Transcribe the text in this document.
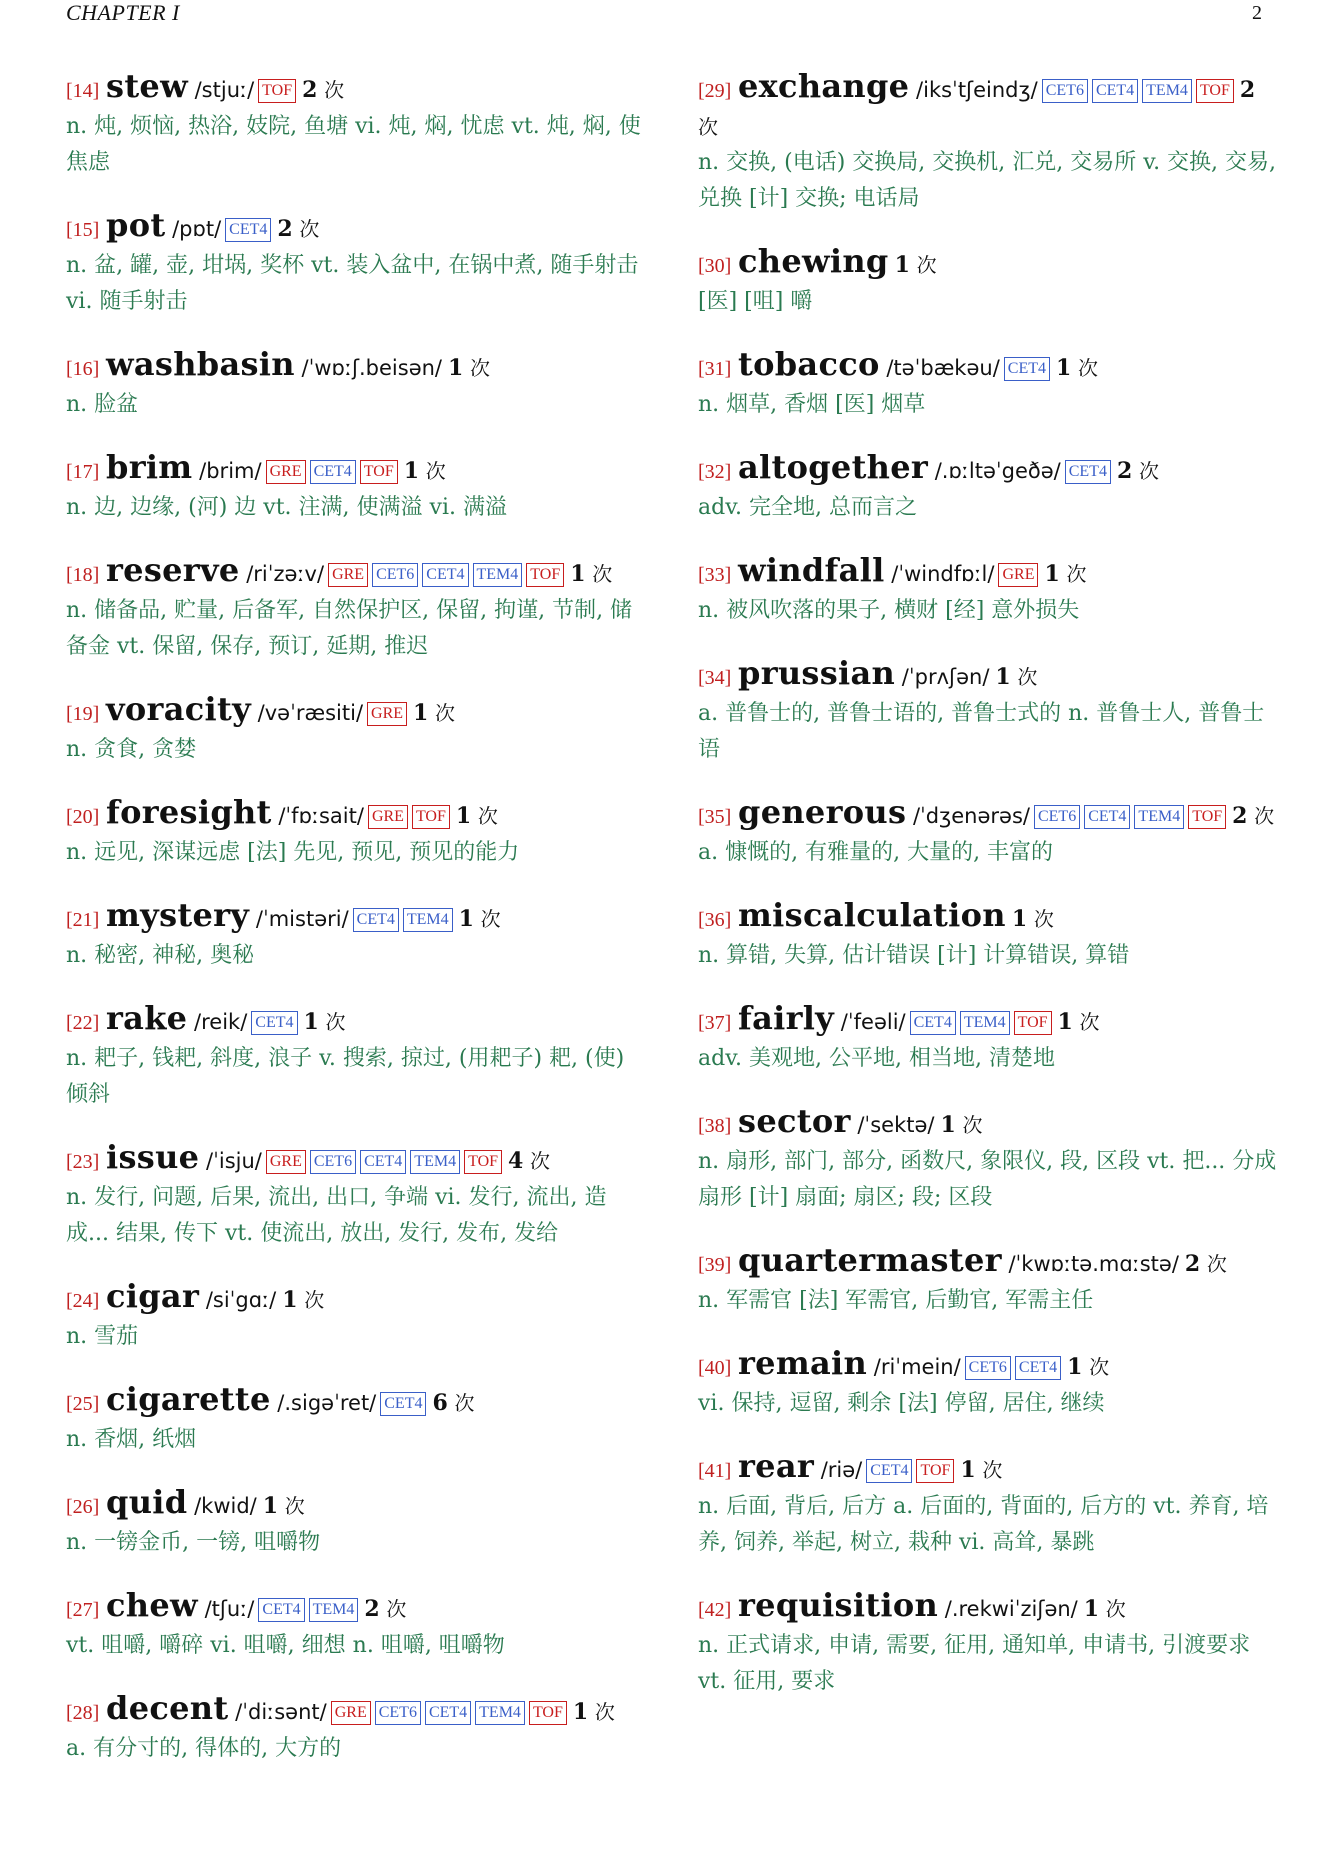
CHAPTER I	2
[14] stew /stjuː/ TOF 2 次
n. 炖, 烦恼, 热浴, 妓院, 鱼塘 vi. 炖, 焖, 忧虑 vt. 炖, 焖, 使焦虑
[15] pot /pɒt/ CET4 2 次
n. 盆, 罐, 壶, 坩埚, 奖杯 vt. 装入盆中, 在锅中煮, 随手射击 vi. 随手射击
[16] washbasin /ˈwɒːʃ.beisən/ 1 次
n. 脸盆
[17] brim /brim/ GRE CET4 TOF 1 次
n. 边, 边缘, (河) 边 vt. 注满, 使满溢 vi. 满溢
[18] reserve /riˈzəːv/ GRE CET6 CET4 TEM4 TOF 1 次
n. 储备品, 贮量, 后备军, 自然保护区, 保留, 拘谨, 节制, 储备金 vt. 保留, 保存, 预订, 延期, 推迟
[19] voracity /vəˈræsiti/ GRE 1 次
n. 贪食, 贪婪
[20] foresight /ˈfɒːsait/ GRE TOF 1 次
n. 远见, 深谋远虑 [法] 先见, 预见, 预见的能力
[21] mystery /ˈmistəri/ CET4 TEM4 1 次
n. 秘密, 神秘, 奥秘
[22] rake /reik/ CET4 1 次
n. 耙子, 钱耙, 斜度, 浪子 v. 搜索, 掠过, (用耙子) 耙, (使) 倾斜
[23] issue /ˈisju/ GRE CET6 CET4 TEM4 TOF 4 次
n. 发行, 问题, 后果, 流出, 出口, 争端 vi. 发行, 流出, 造成... 结果, 传下 vt. 使流出, 放出, 发行, 发布, 发给
[24] cigar /siˈgɑː/ 1 次
n. 雪茄
[25] cigarette /.sigəˈret/ CET4 6 次
n. 香烟, 纸烟
[26] quid /kwid/ 1 次
n. 一镑金币, 一镑, 咀嚼物
[27] chew /tʃuː/ CET4 TEM4 2 次
vt. 咀嚼, 嚼碎 vi. 咀嚼, 细想 n. 咀嚼, 咀嚼物
[28] decent /ˈdiːsənt/ GRE CET6 CET4 TEM4 TOF 1 次
a. 有分寸的, 得体的, 大方的
[29] exchange /iksˈtʃeindʒ/ CET6 CET4 TEM4 TOF 2 次
n. 交换, (电话) 交换局, 交换机, 汇兑, 交易所 v. 交换, 交易, 兑换 [计] 交换; 电话局
[30] chewing 1 次
[医] [咀] 嚼
[31] tobacco /təˈbækəu/ CET4 1 次
n. 烟草, 香烟 [医] 烟草
[32] altogether /.ɒːltəˈgeðə/ CET4 2 次
adv. 完全地, 总而言之
[33] windfall /ˈwindfɒːl/ GRE 1 次
n. 被风吹落的果子, 横财 [经] 意外损失
[34] prussian /ˈprʌʃən/ 1 次
a. 普鲁士的, 普鲁士语的, 普鲁士式的 n. 普鲁士人, 普鲁士语
[35] generous /ˈdʒenərəs/ CET6 CET4 TEM4 TOF 2 次
a. 慷慨的, 有雅量的, 大量的, 丰富的
[36] miscalculation 1 次
n. 算错, 失算, 估计错误 [计] 计算错误, 算错
[37] fairly /ˈfeəli/ CET4 TEM4 TOF 1 次
adv. 美观地, 公平地, 相当地, 清楚地
[38] sector /ˈsektə/ 1 次
n. 扇形, 部门, 部分, 函数尺, 象限仪, 段, 区段 vt. 把... 分成扇形 [计] 扇面; 扇区; 段; 区段
[39] quartermaster /ˈkwɒːtə.mɑːstə/ 2 次
n. 军需官 [法] 军需官, 后勤官, 军需主任
[40] remain /riˈmein/ CET6 CET4 1 次
vi. 保持, 逗留, 剩余 [法] 停留, 居住, 继续
[41] rear /riə/ CET4 TOF 1 次
n. 后面, 背后, 后方 a. 后面的, 背面的, 后方的 vt. 养育, 培养, 饲养, 举起, 树立, 栽种 vi. 高耸, 暴跳
[42] requisition /.rekwiˈziʃən/ 1 次
n. 正式请求, 申请, 需要, 征用, 通知单, 申请书, 引渡要求 vt. 征用, 要求
